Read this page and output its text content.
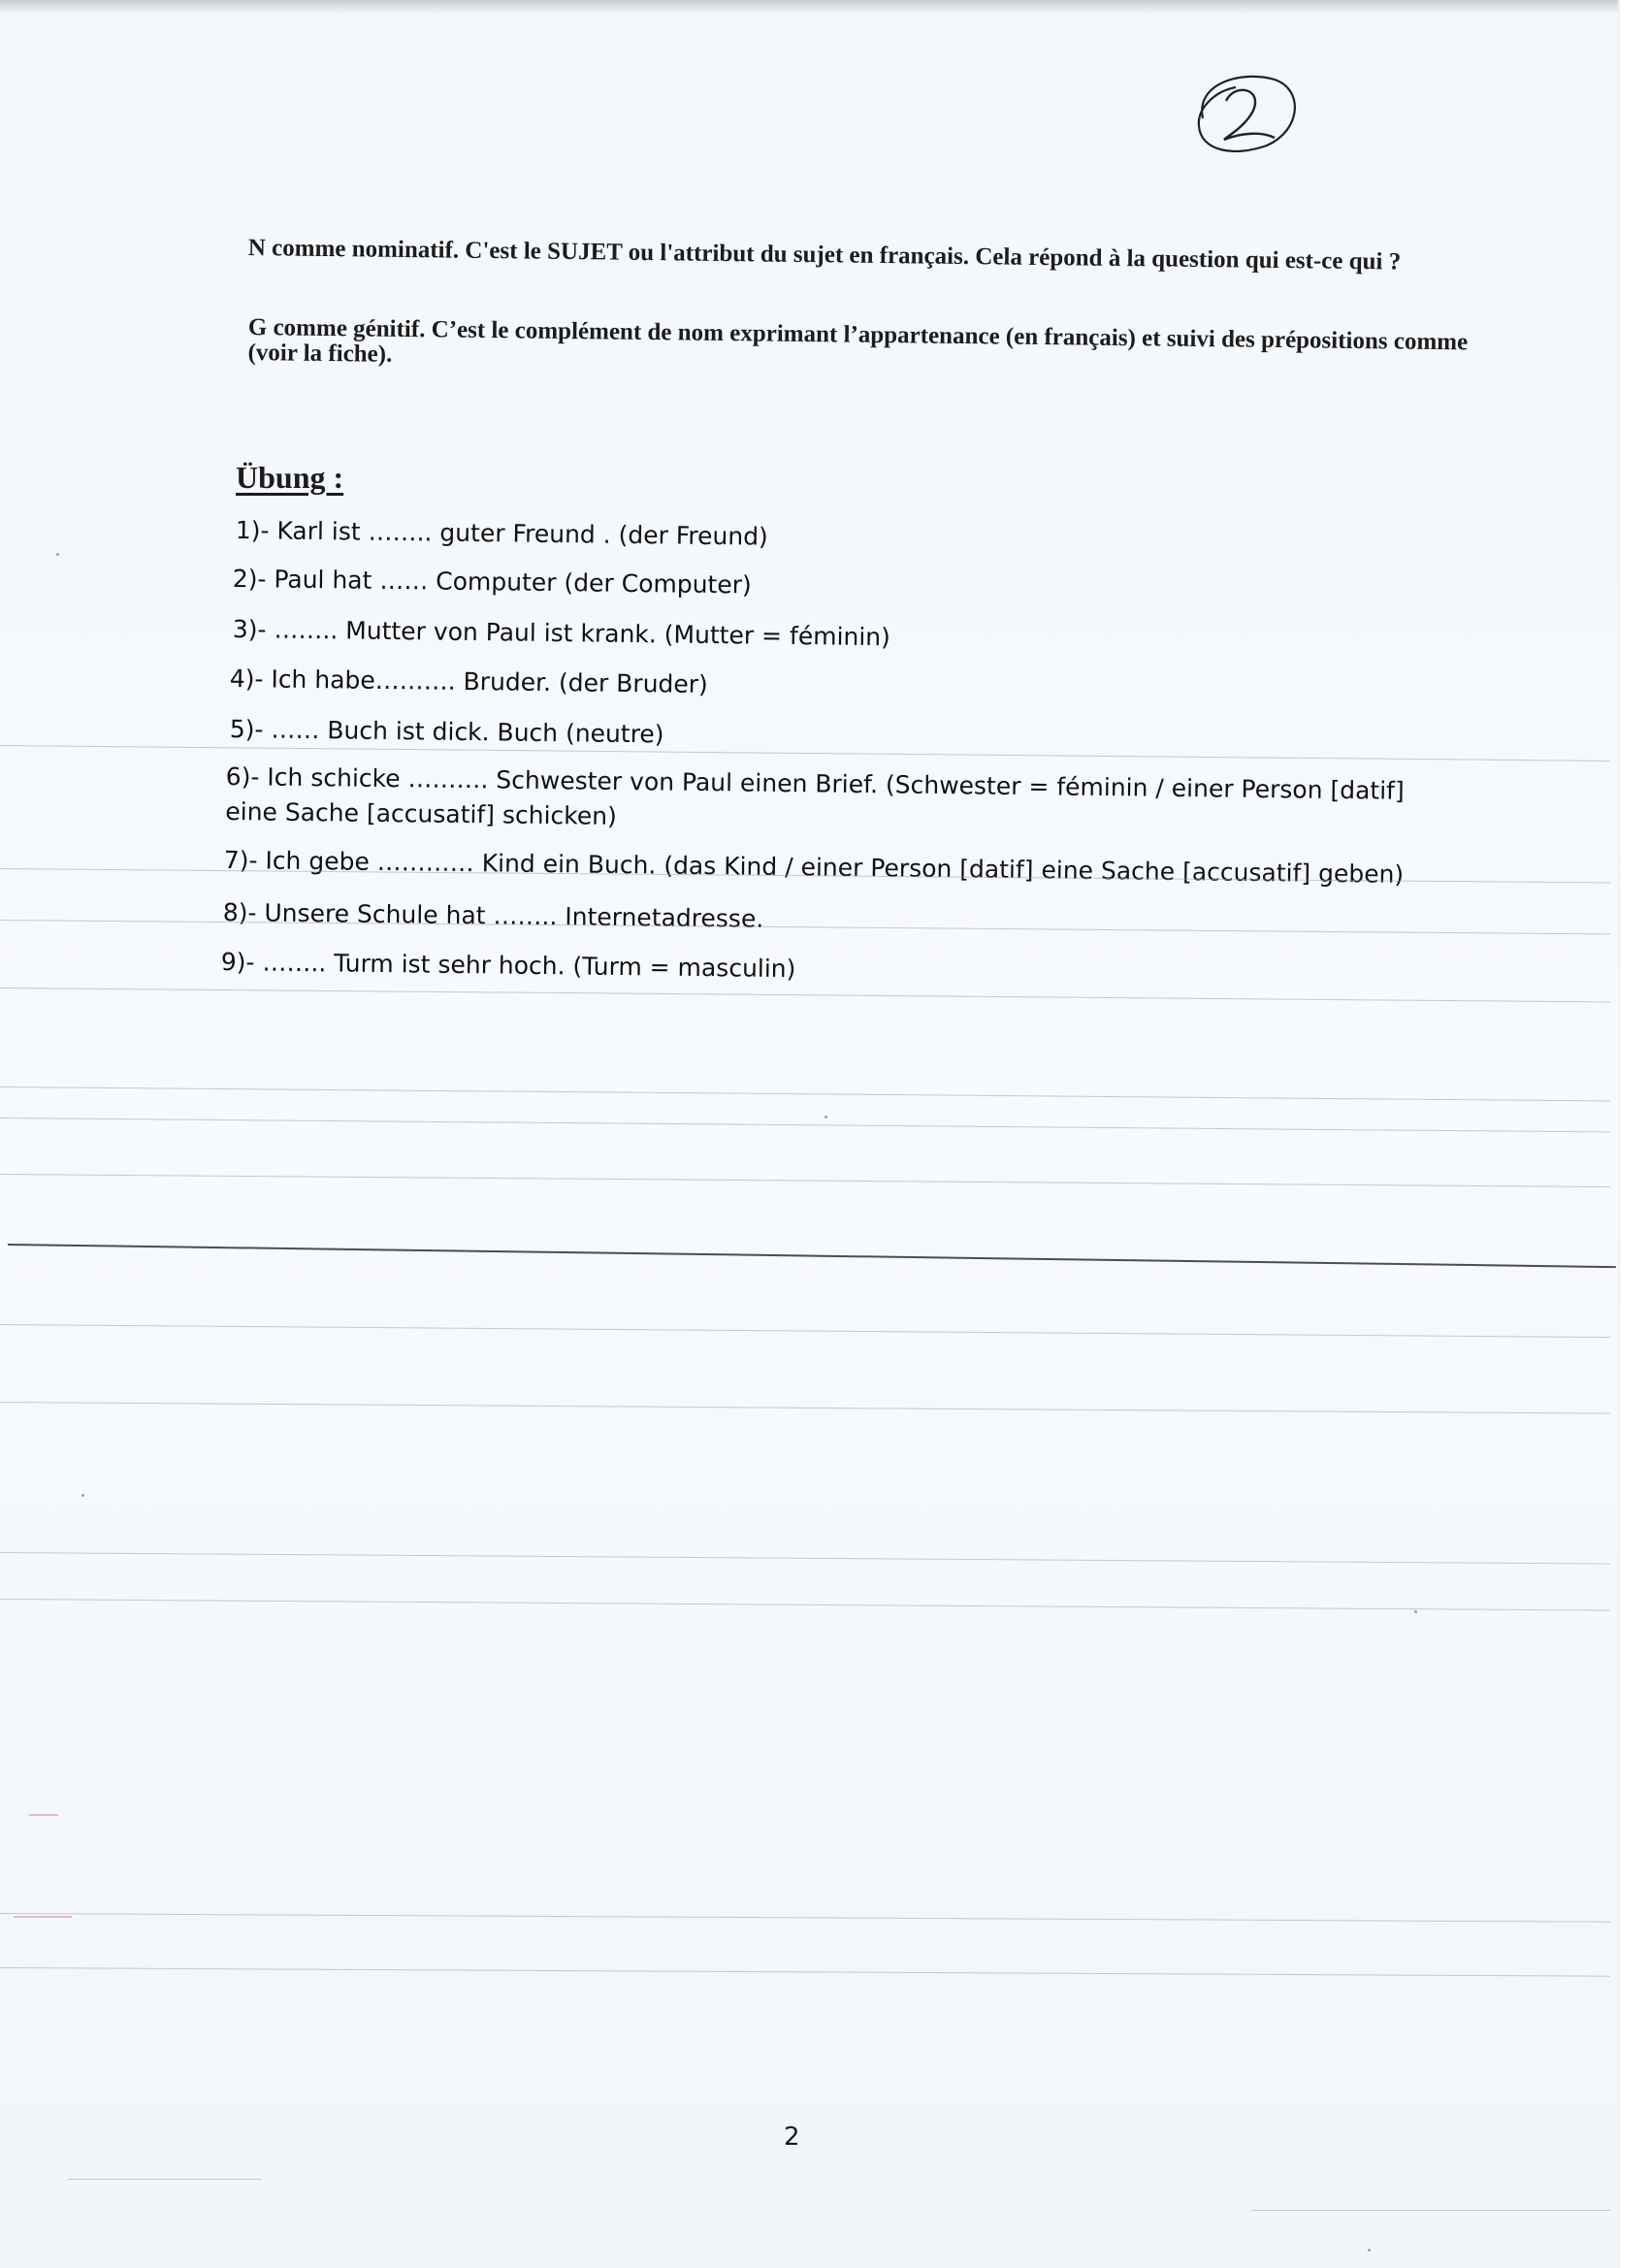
N comme nominatif. C'est le SUJET ou l'attribut du sujet en français. Cela répond à la question qui est-ce qui ?

G comme génitif. C’est le complément de nom exprimant l’appartenance (en français) et suivi des prépositions comme (voir la fiche).

Übung :
1)- Karl ist …….. guter Freund . (der Freund)
2)- Paul hat …… Computer (der Computer)
3)- …….. Mutter von Paul ist krank. (Mutter = féminin)
4)- Ich habe………. Bruder. (der Bruder)
5)- …… Buch ist dick. Buch (neutre)
6)- Ich schicke ………. Schwester von Paul einen Brief. (Schwester = féminin / einer Person [datif] eine Sache [accusatif] schicken)
7)- Ich gebe ………… Kind ein Buch. (das Kind / einer Person [datif] eine Sache [accusatif] geben)
8)- Unsere Schule hat …….. Internetadresse.
9)- …….. Turm ist sehr hoch. (Turm = masculin)
2
